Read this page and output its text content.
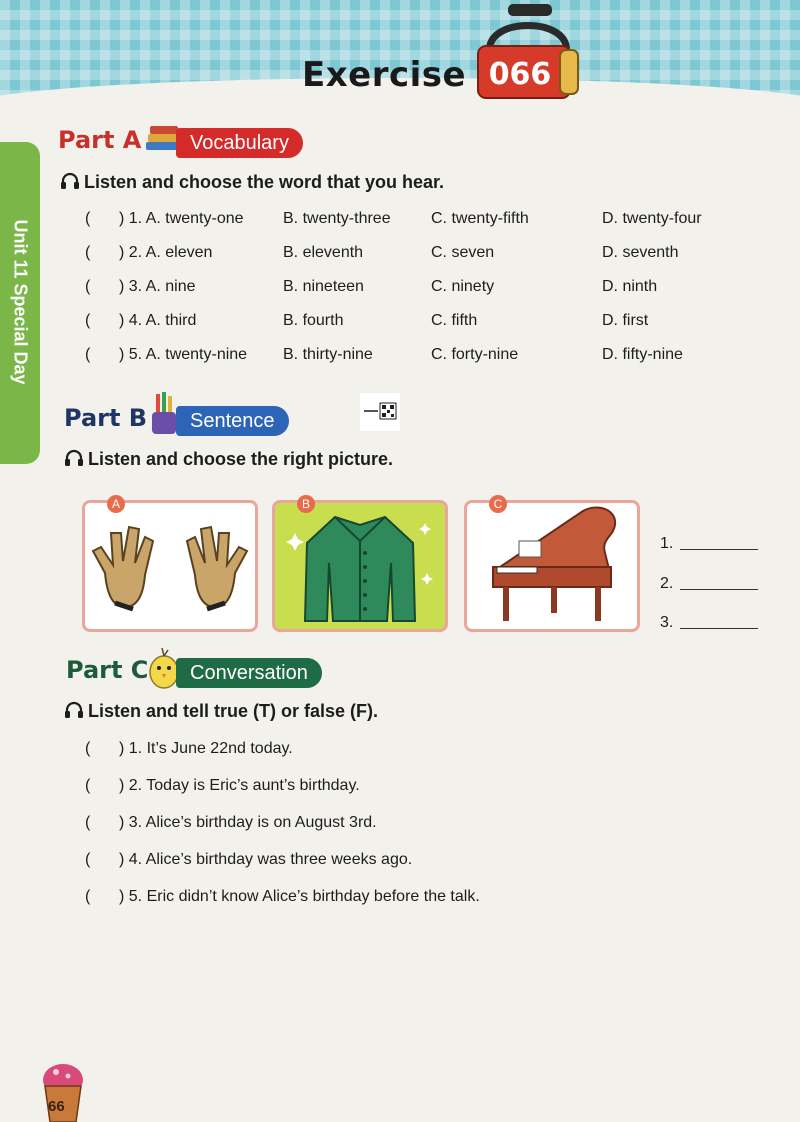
Exercise 066
Unit 11 Special Day
Part A	Vocabulary
Listen and choose the word that you hear.
( ) 1. A. twenty-one B. twenty-three	C. twenty-fifth	D. twenty-four
( ) 2. A. eleven	B. eleventh	C. seven	D. seventh
( ) 3. A. nine	B. nineteen	C. ninety	D. ninth
( ) 4. A. third	B. fourth	C. fifth	D. first
( ) 5. A. twenty-nine B. thirty-nine	C. forty-nine	D. fifty-nine
Part B	Sentence
Listen and choose the right picture.
A	B	C
1.
2.
3.
Part C	Conversation
Listen and tell true (T) or false (F).
( ) 1. It’s June 22nd today.
( ) 2. Today is Eric’s aunt’s birthday.
( ) 3. Alice’s birthday is on August 3rd.
( ) 4. Alice’s birthday was three weeks ago.
( ) 5. Eric didn’t know Alice’s birthday before the talk.
66
